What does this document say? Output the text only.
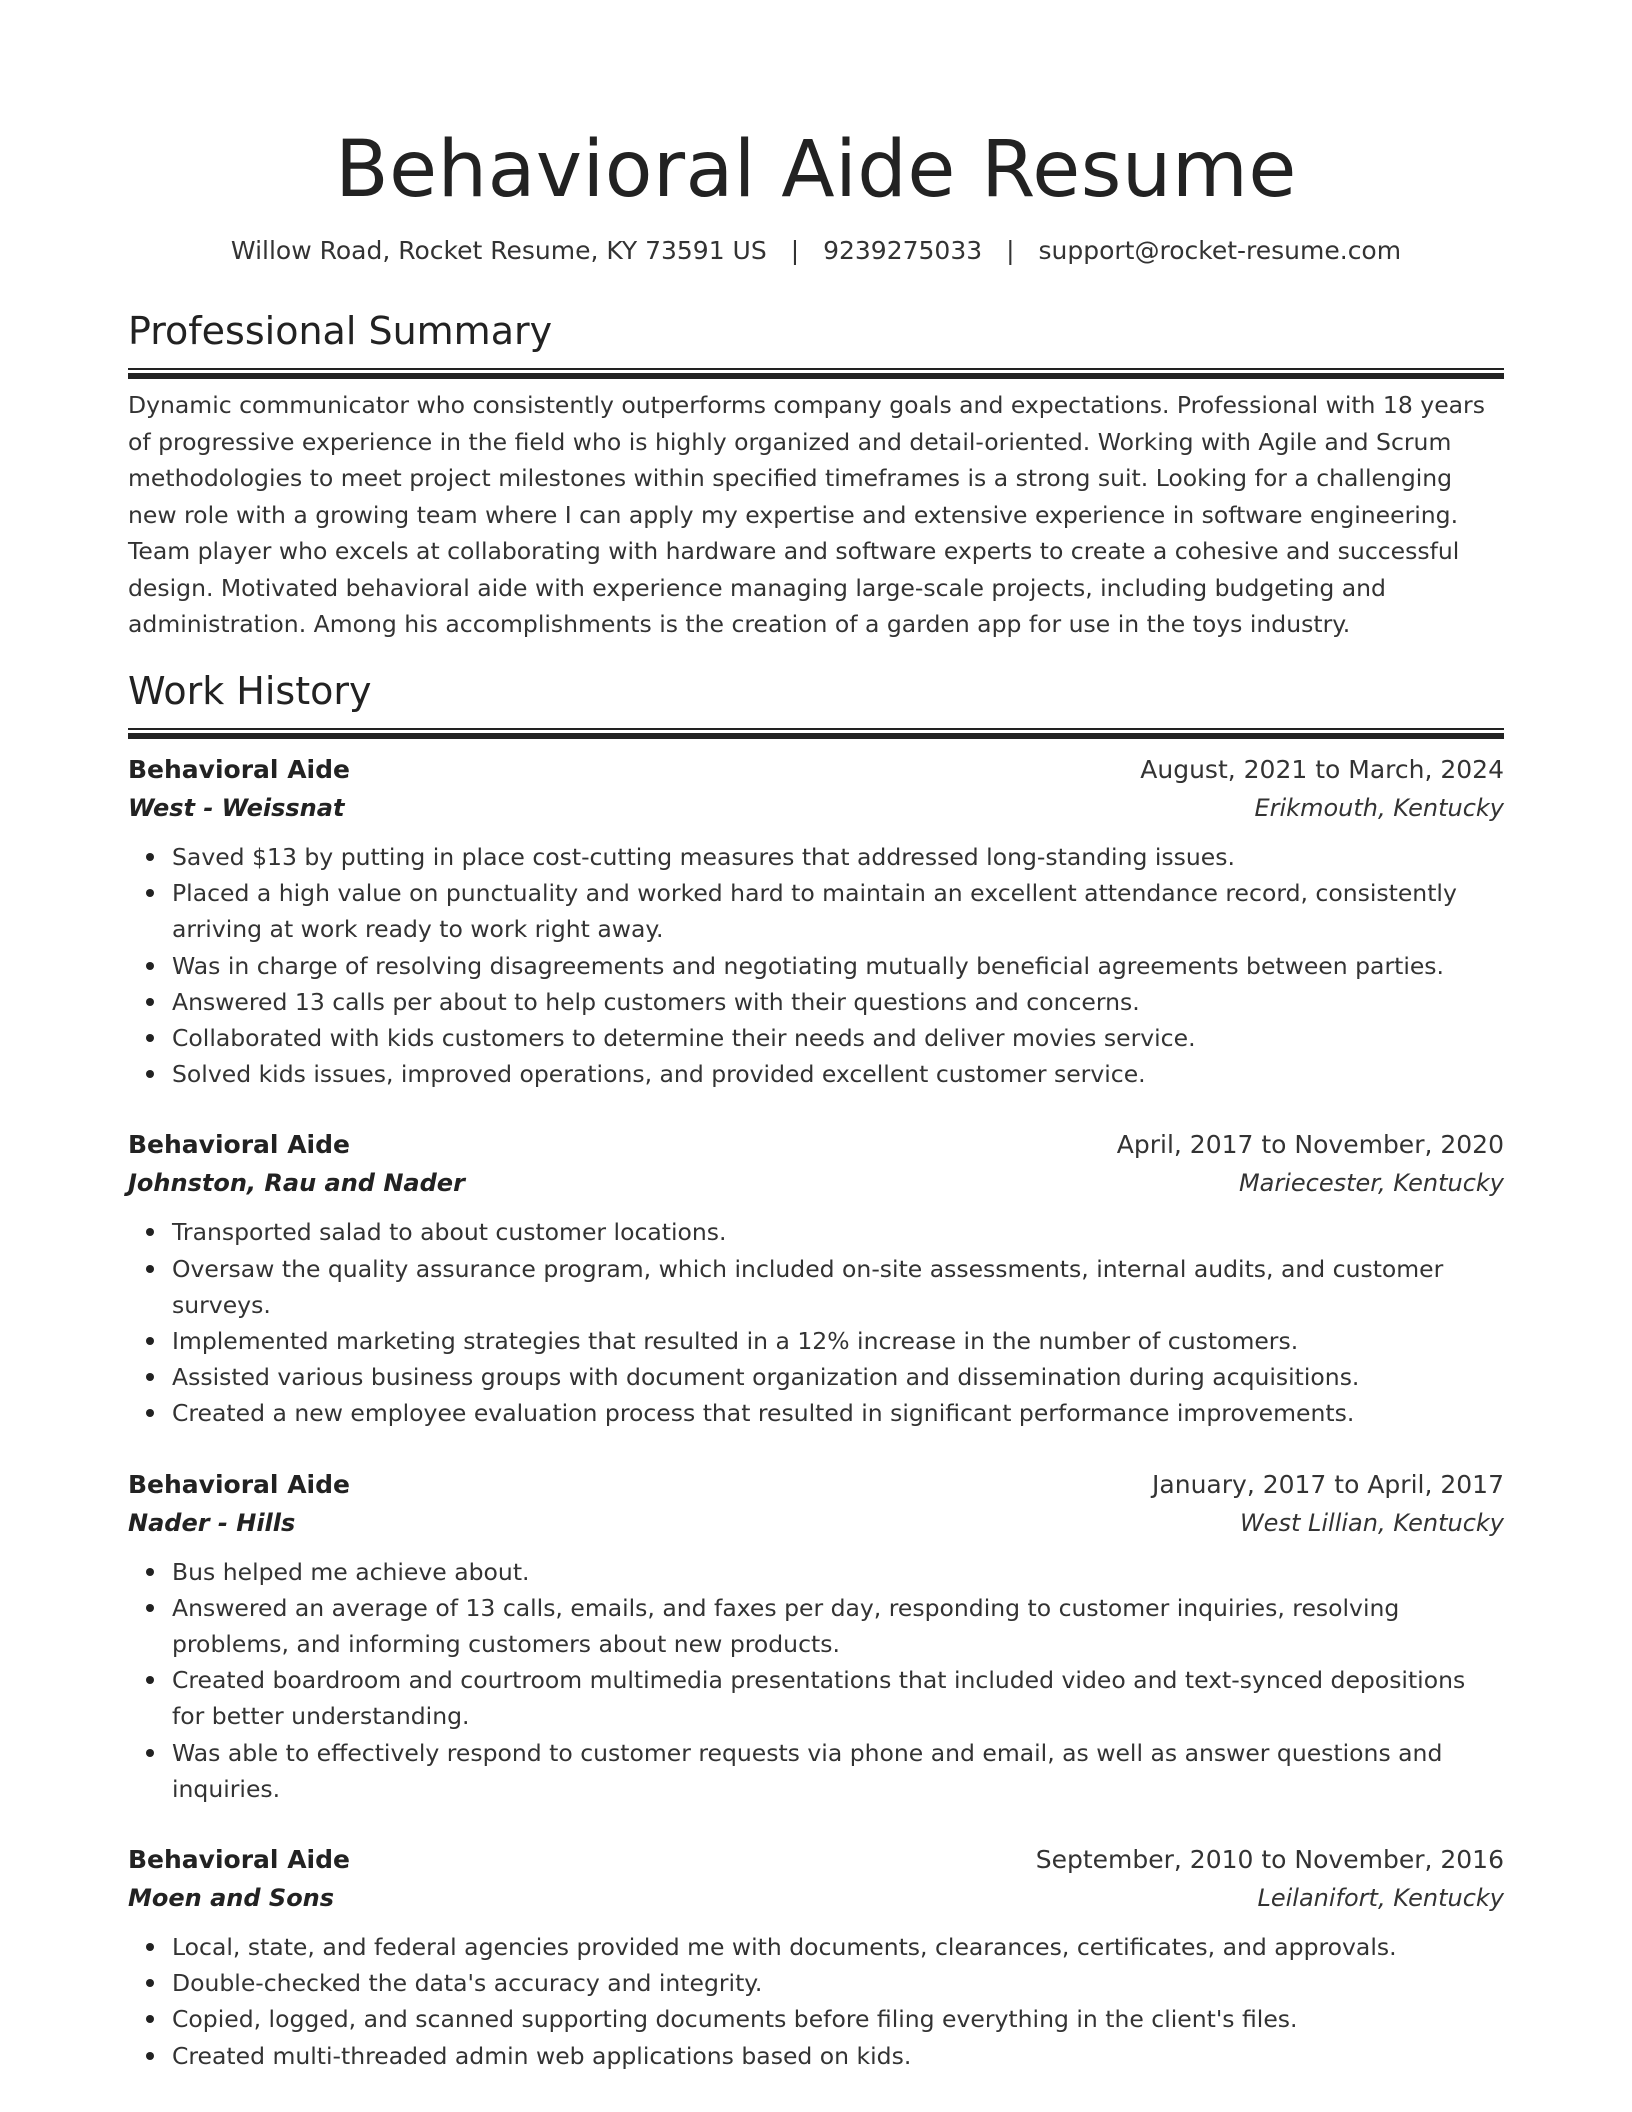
Behavioral Aide Resume
Willow Road, Rocket Resume, KY 73591 US | 9239275033 | support@rocket-resume.com
Professional Summary

Dynamic communicator who consistently outperforms company goals and expectations. Professional with 18 years of progressive experience in the field who is highly organized and detail-oriented. Working with Agile and Scrum methodologies to meet project milestones within specified timeframes is a strong suit. Looking for a challenging new role with a growing team where I can apply my expertise and extensive experience in software engineering. Team player who excels at collaborating with hardware and software experts to create a cohesive and successful design. Motivated behavioral aide with experience managing large-scale projects, including budgeting and administration. Among his accomplishments is the creation of a garden app for use in the toys industry.

Work History
Behavioral Aide	August, 2021 to March, 2024
West - Weissnat	Erikmouth, Kentucky
Saved $13 by putting in place cost-cutting measures that addressed long-standing issues.
Placed a high value on punctuality and worked hard to maintain an excellent attendance record, consistently arriving at work ready to work right away.
Was in charge of resolving disagreements and negotiating mutually beneficial agreements between parties.
Answered 13 calls per about to help customers with their questions and concerns.
Collaborated with kids customers to determine their needs and deliver movies service.
Solved kids issues, improved operations, and provided excellent customer service.
Behavioral Aide	April, 2017 to November, 2020
Johnston, Rau and Nader	Mariecester, Kentucky
Transported salad to about customer locations.
Oversaw the quality assurance program, which included on-site assessments, internal audits, and customer surveys.
Implemented marketing strategies that resulted in a 12% increase in the number of customers.
Assisted various business groups with document organization and dissemination during acquisitions.
Created a new employee evaluation process that resulted in significant performance improvements.
Behavioral Aide	January, 2017 to April, 2017
Nader - Hills	West Lillian, Kentucky
Bus helped me achieve about.
Answered an average of 13 calls, emails, and faxes per day, responding to customer inquiries, resolving problems, and informing customers about new products.
Created boardroom and courtroom multimedia presentations that included video and text-synced depositions for better understanding.
Was able to effectively respond to customer requests via phone and email, as well as answer questions and inquiries.
Behavioral Aide	September, 2010 to November, 2016
Moen and Sons	Leilanifort, Kentucky
Local, state, and federal agencies provided me with documents, clearances, certificates, and approvals.
Double-checked the data's accuracy and integrity.
Copied, logged, and scanned supporting documents before filing everything in the client's files.
Created multi-threaded admin web applications based on kids.
